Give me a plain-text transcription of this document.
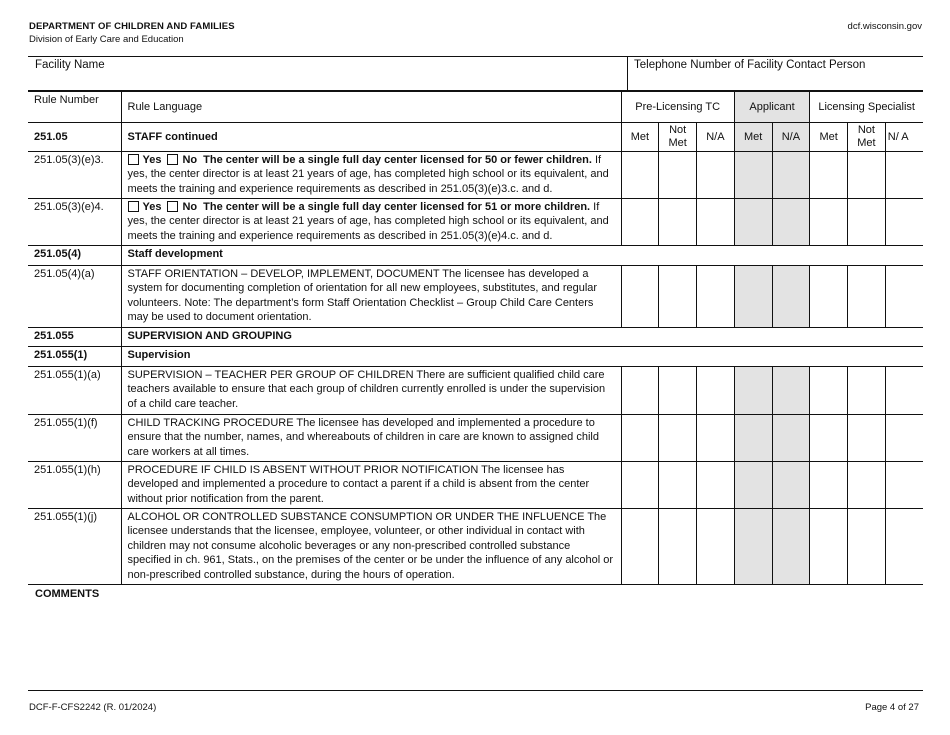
DEPARTMENT OF CHILDREN AND FAMILIES
Division of Early Care and Education
dcf.wisconsin.gov
Facility Name	Telephone Number of Facility Contact Person
Rule Number	Rule Language	Pre-Licensing TC			Applicant		Licensing Specialist		
251.05	STAFF continued	Met	Not Met	N/A	Met	N/A	Met	Not Met	N/ A
251.05(3)(e)3.	Yes No The center will be a single full day center licensed for 50 or fewer children. If yes, the center director is at least 21 years of age, has completed high school or its equivalent, and meets the training and experience requirements as described in 251.05(3)(e)3.c. and d.								
251.05(3)(e)4.	Yes No The center will be a single full day center licensed for 51 or more children. If yes, the center director is at least 21 years of age, has completed high school or its equivalent, and meets the training and experience requirements as described in 251.05(3)(e)4.c. and d.								
251.05(4)	Staff development								
251.05(4)(a)	STAFF ORIENTATION – DEVELOP, IMPLEMENT, DOCUMENT The licensee has developed a system for documenting completion of orientation for all new employees, substitutes, and regular volunteers. Note: The department’s form Staff Orientation Checklist – Group Child Care Centers may be used to document orientation.								
251.055	SUPERVISION AND GROUPING								
251.055(1)	Supervision								
251.055(1)(a)	SUPERVISION – TEACHER PER GROUP OF CHILDREN There are sufficient qualified child care teachers available to ensure that each group of children currently enrolled is under the supervision of a child care teacher.								
251.055(1)(f)	CHILD TRACKING PROCEDURE The licensee has developed and implemented a procedure to ensure that the number, names, and whereabouts of children in care are known to assigned child care workers at all times.								
251.055(1)(h)	PROCEDURE IF CHILD IS ABSENT WITHOUT PRIOR NOTIFICATION The licensee has developed and implemented a procedure to contact a parent if a child is absent from the center without prior notification from the parent.								
251.055(1)(j)	ALCOHOL OR CONTROLLED SUBSTANCE CONSUMPTION OR UNDER THE INFLUENCE The licensee understands that the licensee, employee, volunteer, or other individual in contact with children may not consume alcoholic beverages or any non-prescribed controlled substance specified in ch. 961, Stats., on the premises of the center or be under the influence of any alcohol or non-prescribed controlled substance, during the hours of operation.								
COMMENTS
DCF-F-CFS2242 (R. 01/2024)	Page 4 of 27
